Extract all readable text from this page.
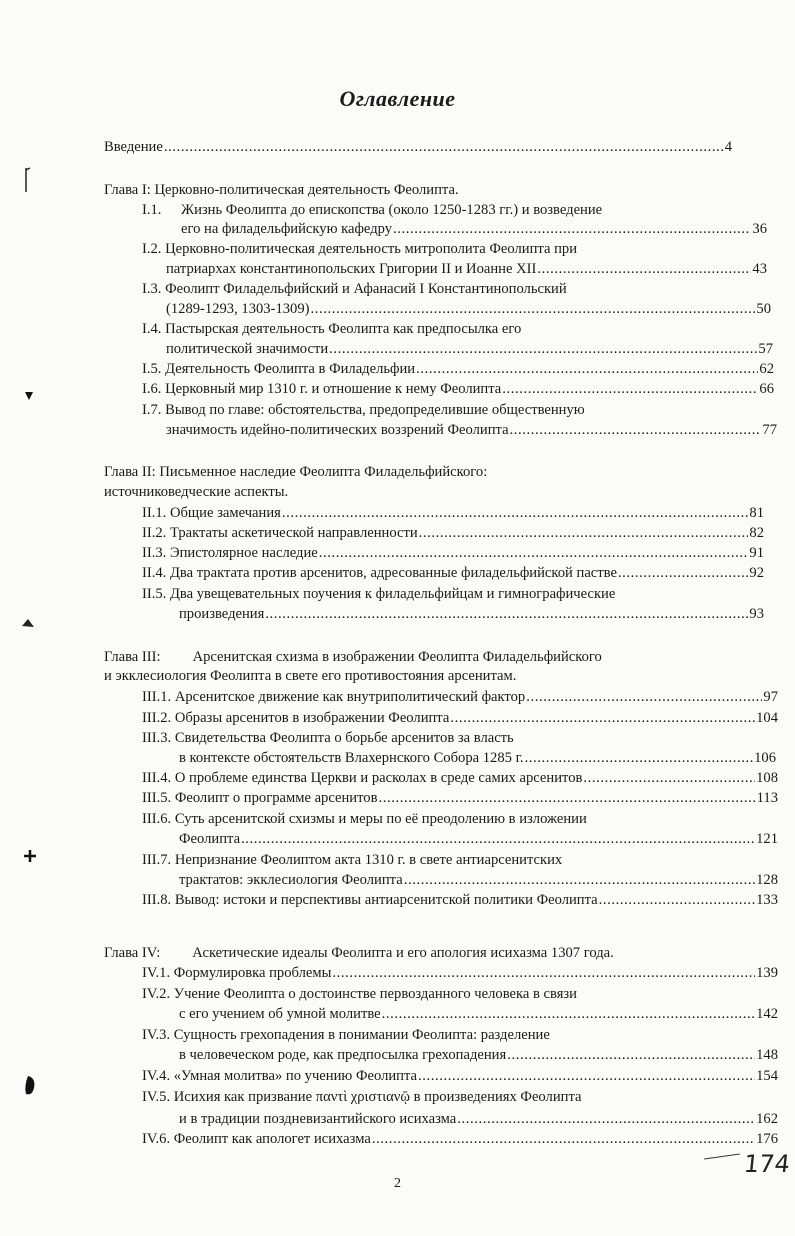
Оглавление
Введение .....	4
Глава I: Церковно-политическая деятельность Феолипта.
I.1. Жизнь Феолипта до епископства (около 1250-1283 гг.) и возведение
его на филадельфийскую кафедру .....	36
I.2. Церковно-политическая деятельность митрополита Феолипта при
патриархах константинопольских Григории II и Иоанне XII .....	43
I.3. Феолипт Филадельфийский и Афанасий I Константинопольский
(1289-1293, 1303-1309) .....	50
I.4. Пастырская деятельность Феолипта как предпосылка его
политической значимости .....	57
I.5. Деятельность Феолипта в Филадельфии .....	62
I.6. Церковный мир 1310 г. и отношение к нему Феолипта .....	66
I.7. Вывод по главе: обстоятельства, предопределившие общественную
значимость идейно-политических воззрений Феолипта .....	77
Глава II: Письменное наследие Феолипта Филадельфийского:
источниковедческие аспекты.
II.1. Общие замечания .....	81
II.2. Трактаты аскетической направленности .....	82
II.3. Эпистолярное наследие .....	91
II.4. Два трактата против арсенитов, адресованные филадельфийской пастве .....	92
II.5. Два увещевательных поучения к филадельфийцам и гимнографические
произведения .....	93
Глава III: Арсенитская схизма в изображении Феолипта Филадельфийского
и экклесиология Феолипта в свете его противостояния арсенитам.
III.1. Арсенитское движение как внутриполитический фактор .....	97
III.2. Образы арсенитов в изображении Феолипта .....	104
III.3. Свидетельства Феолипта о борьбе арсенитов за власть
в контексте обстоятельств Влахернского Собора 1285 г. .....	106
III.4. О проблеме единства Церкви и расколах в среде самих арсенитов .....	108
III.5. Феолипт о программе арсенитов .....	113
III.6. Суть арсенитской схизмы и меры по её преодолению в изложении
Феолипта .....	121
III.7. Непризнание Феолиптом акта 1310 г. в свете антиарсенитских
трактатов: экклесиология Феолипта .....	128
III.8. Вывод: истоки и перспективы антиарсенитской политики Феолипта .....	133
Глава IV: Аскетические идеалы Феолипта и его апология исихазма 1307 года.
IV.1. Формулировка проблемы .....	139
IV.2. Учение Феолипта о достоинстве первозданного человека в связи
с его учением об умной молитве .....	142
IV.3. Сущность грехопадения в понимании Феолипта: разделение
в человеческом роде, как предпосылка грехопадения .....	148
IV.4. «Умная молитва» по учению Феолипта .....	154
IV.5. Исихия как призвание παντὶ χριστιανῷ в произведениях Феолипта
и в традиции поздневизантийского исихазма .....	162
IV.6. Феолипт как апологет исихазма .....	176
174
2
